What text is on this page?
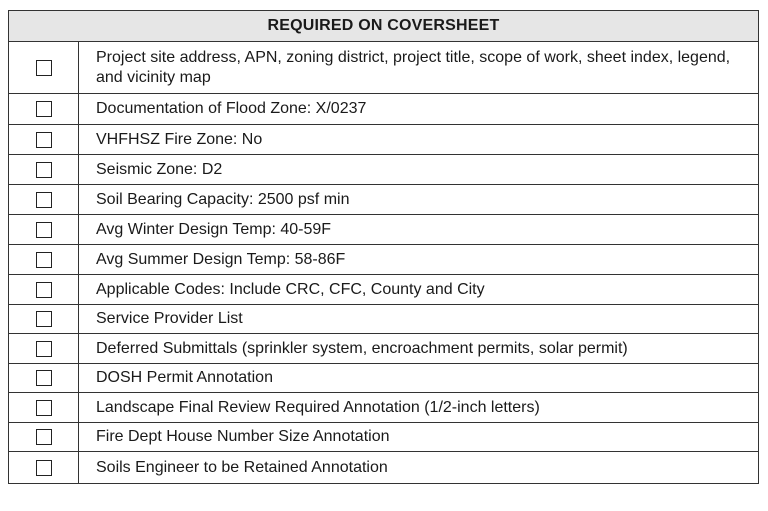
REQUIRED ON COVERSHEET
Project site address, APN, zoning district, project title, scope of work, sheet index, legend, and vicinity map
Documentation of Flood Zone: X/0237
VHFHSZ Fire Zone: No
Seismic Zone: D2
Soil Bearing Capacity: 2500 psf min
Avg Winter Design Temp: 40-59F
Avg Summer Design Temp: 58-86F
Applicable Codes: Include CRC, CFC, County and City
Service Provider List
Deferred Submittals (sprinkler system, encroachment permits, solar permit)
DOSH Permit Annotation
Landscape Final Review Required Annotation (1/2-inch letters)
Fire Dept House Number Size Annotation
Soils Engineer to be Retained Annotation
